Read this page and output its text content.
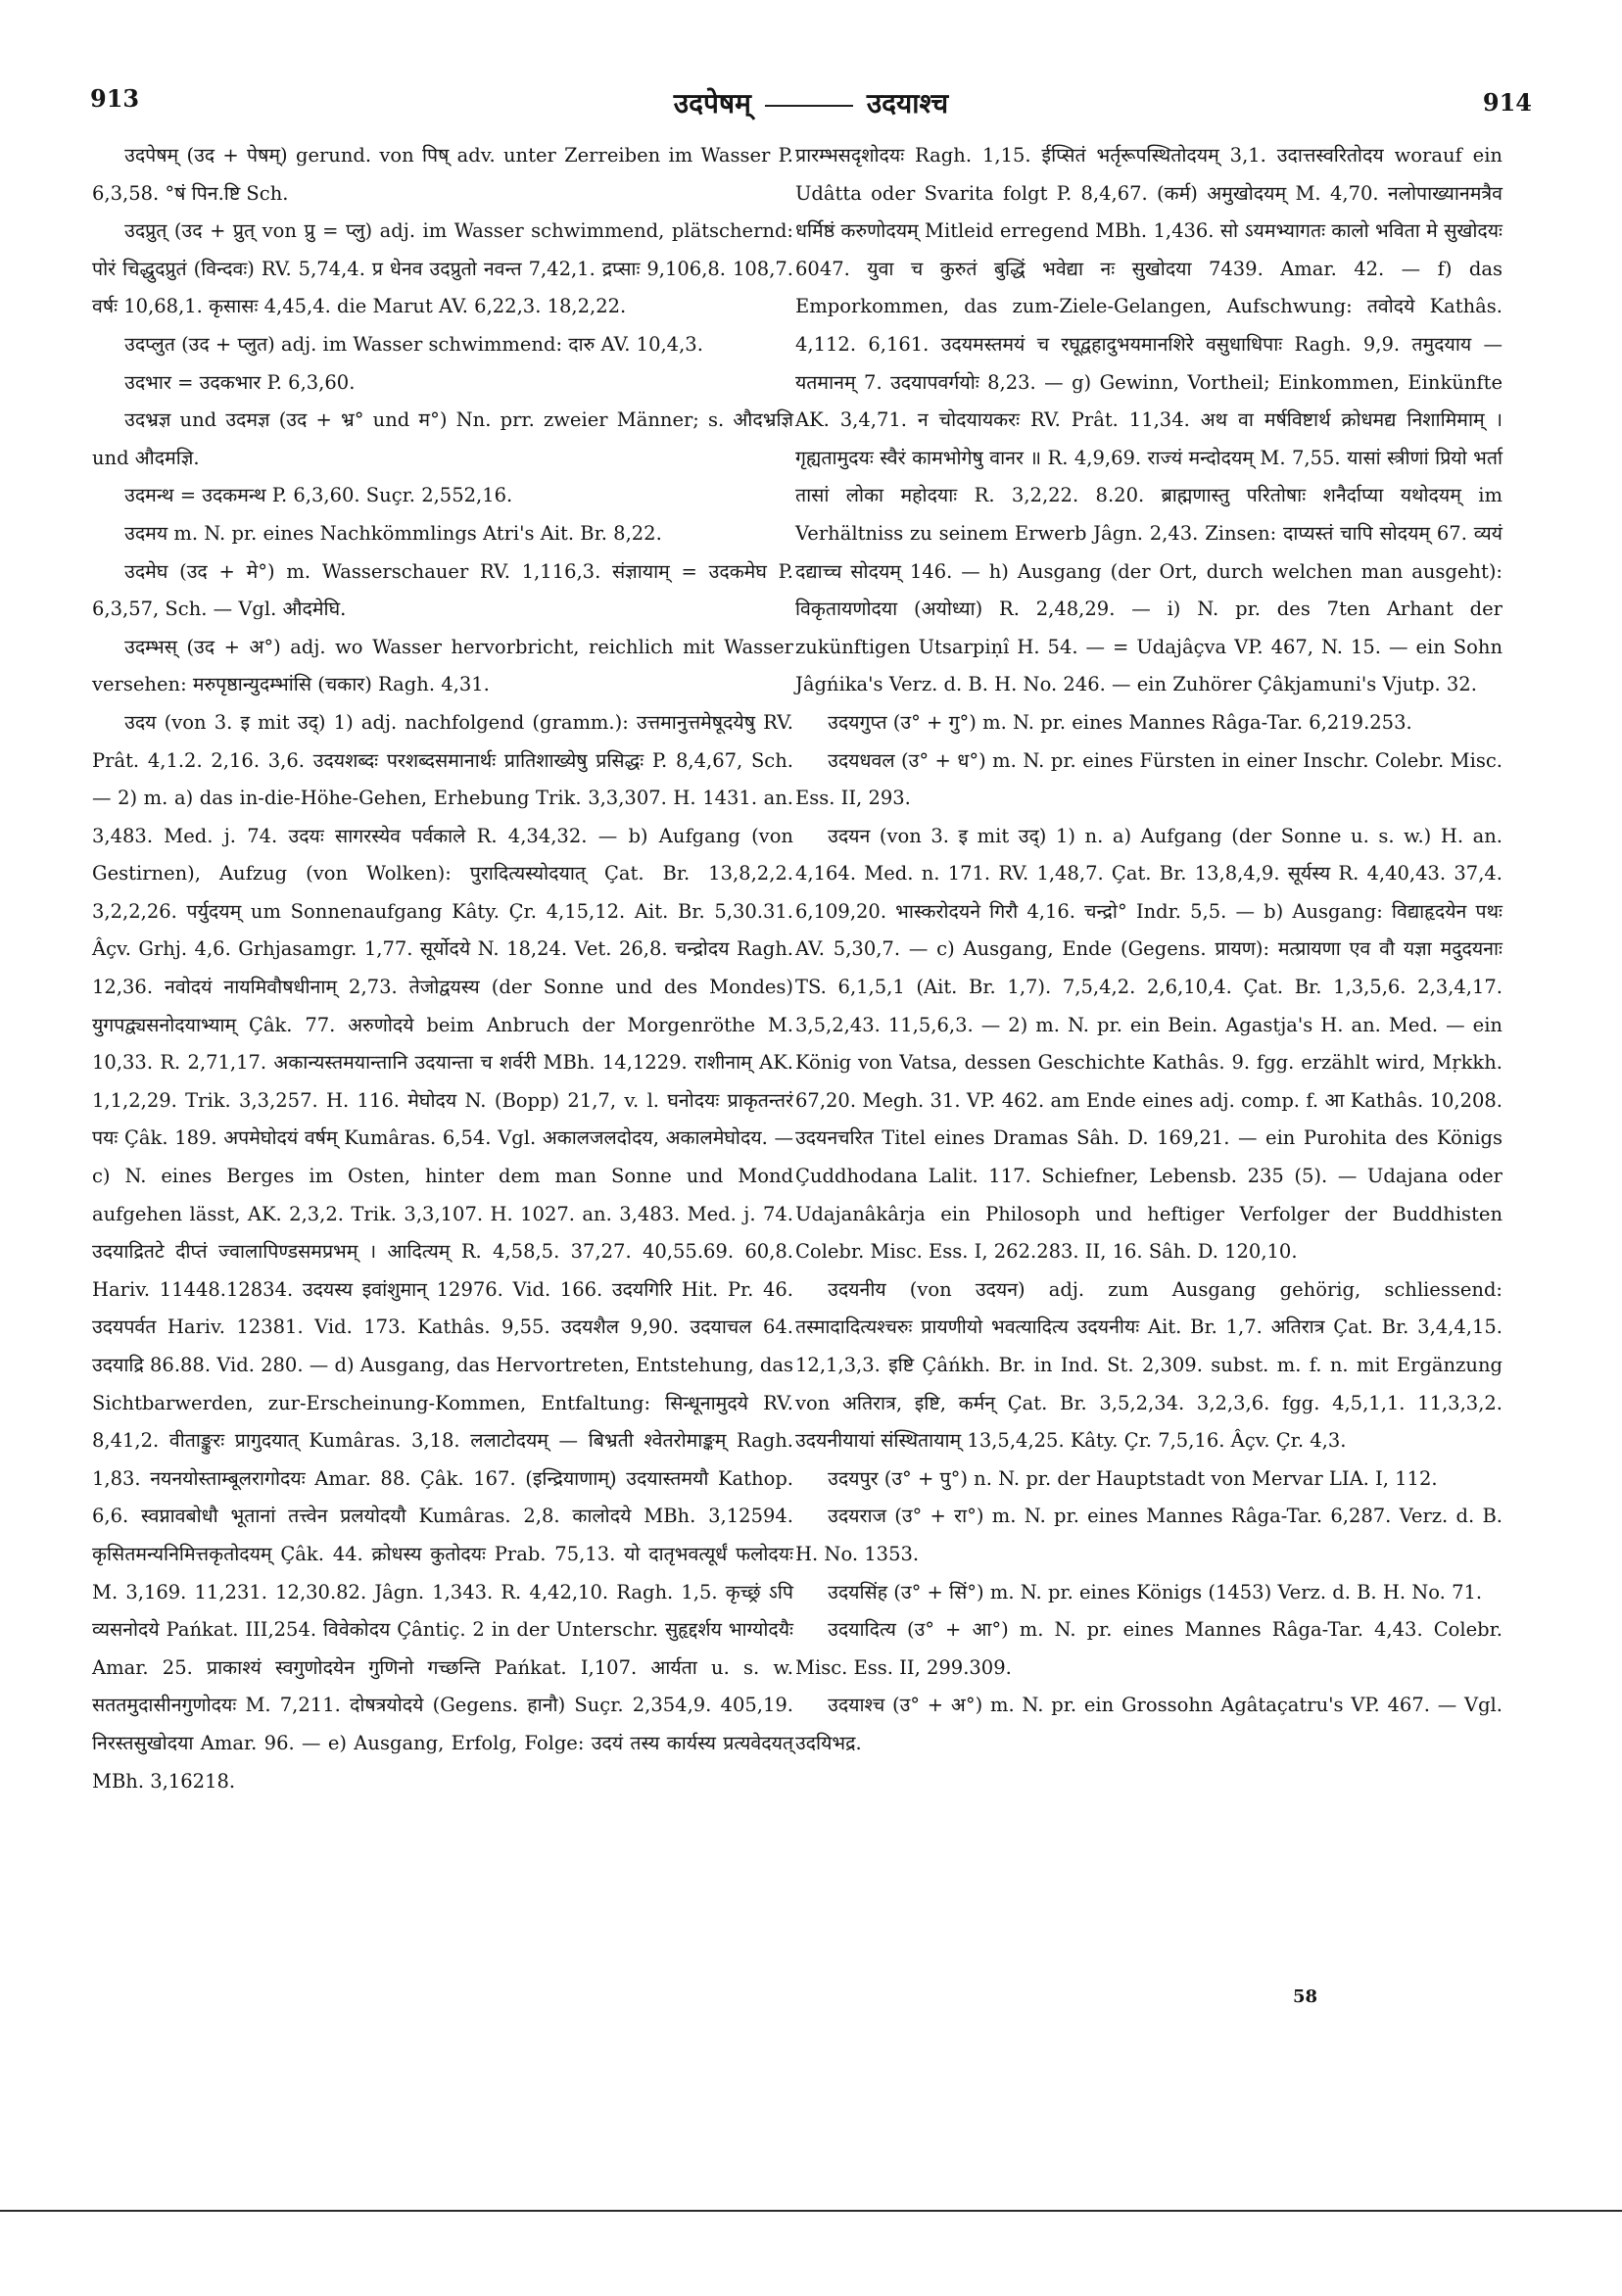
913	उदपेषम्	उदयाश्च	914

उदपेषम् (उद + पेषम्) gerund. von पिष् adv. unter Zerreiben im Wasser P. 6,3,58. °षं पिन.ष्टि Sch.

उदप्रुत् (उद + प्रुत् von प्रु = प्लु) adj. im Wasser schwimmend, plätschernd: पोरं चिद्धुदप्रुतं (विन्दवः) RV. 5,74,4. प्र धेनव उदप्रुतो नवन्त 7,42,1. द्रप्साः 9,106,8. 108,7. वर्षः 10,68,1. कृसासः 4,45,4. die Marut AV. 6,22,3. 18,2,22.

उदप्लुत (उद + प्लुत) adj. im Wasser schwimmend: दारु AV. 10,4,3.

उदभार = उदकभार P. 6,3,60.

उदभ्रज्ञ und उदमज्ञ (उद + भ्र° und म°) Nn. prr. zweier Männer; s. औदभ्रज्ञि und औदमज्ञि.

उदमन्थ = उदकमन्थ P. 6,3,60. Suçr. 2,552,16.

उदमय m. N. pr. eines Nachkömmlings Atri's Ait. Br. 8,22.

उदमेघ (उद + मे°) m. Wasserschauer RV. 1,116,3. संज्ञायाम् = उदकमेघ P. 6,3,57, Sch. — Vgl. औदमेघि.

उदम्भस् (उद + अ°) adj. wo Wasser hervorbricht, reichlich mit Wasser versehen: मरुपृष्ठान्युदम्भांसि (चकार) Ragh. 4,31.

उदय (von 3. इ mit उद्) 1) adj. nachfolgend (gramm.): उत्तमानुत्तमेषूदयेषु RV. Prât. 4,1.2. 2,16. 3,6. उदयशब्दः परशब्दसमानार्थः प्रातिशाख्येषु प्रसिद्धः P. 8,4,67, Sch. — 2) m. a) das in-die-Höhe-Gehen, Erhebung Trik. 3,3,307. H. 1431. an. 3,483. Med. j. 74. उदयः सागरस्येव पर्वकाले R. 4,34,32. — b) Aufgang (von Gestirnen), Aufzug (von Wolken): पुरादित्यस्योदयात् Çat. Br. 13,8,2,2. 3,2,2,26. पर्युदयम् um Sonnenaufgang Kâty. Çr. 4,15,12. Ait. Br. 5,30.31. Âçv. Grhj. 4,6. Grhjasamgr. 1,77. सूर्योदये N. 18,24. Vet. 26,8. चन्द्रोदय Ragh. 12,36. नवोदयं नायमिवौषधीनाम् 2,73. तेजोद्वयस्य (der Sonne und des Mondes) युगपद्व्यसनोदयाभ्याम् Çâk. 77. अरुणोदये beim Anbruch der Morgenröthe M. 10,33. R. 2,71,17. अकान्यस्तमयान्तानि उदयान्ता च शर्वरी MBh. 14,1229. राशीनाम् AK. 1,1,2,29. Trik. 3,3,257. H. 116. मेघोदय N. (Bopp) 21,7, v. l. घनोदयः प्राकृतन्तरं पयः Çâk. 189. अपमेघोदयं वर्षम् Kumâras. 6,54. Vgl. अकालजलदोदय, अकालमेघोदय. — c) N. eines Berges im Osten, hinter dem man Sonne und Mond aufgehen lässt, AK. 2,3,2. Trik. 3,3,107. H. 1027. an. 3,483. Med. j. 74. उदयाद्रितटे दीप्तं ज्वालापिण्डसमप्रभम् । आदित्यम् R. 4,58,5. 37,27. 40,55.69. 60,8. Hariv. 11448.12834. उदयस्य इवांशुमान् 12976. Vid. 166. उदयगिरि Hit. Pr. 46. उदयपर्वत Hariv. 12381. Vid. 173. Kathâs. 9,55. उदयशैल 9,90. उदयाचल 64. उदयाद्रि 86.88. Vid. 280. — d) Ausgang, das Hervortreten, Entstehung, das Sichtbarwerden, zur-Erscheinung-Kommen, Entfaltung: सिन्धूनामुदये RV. 8,41,2. वीताङ्कुरः प्रागुदयात् Kumâras. 3,18. ललाटोदयम् — बिभ्रती श्वेतरोमाङ्कम् Ragh. 1,83. नयनयोस्ताम्बूलरागोदयः Amar. 88. Çâk. 167. (इन्द्रियाणाम्) उदयास्तमयौ Kathop. 6,6. स्वप्नावबोधौ भूतानां तत्त्वेन प्रलयोदयौ Kumâras. 2,8. कालोदये MBh. 3,12594. कृसितमन्यनिमित्तकृतोदयम् Çâk. 44. क्रोधस्य कुतोदयः Prab. 75,13. यो दातृभवत्यूर्धं फलोदयः M. 3,169. 11,231. 12,30.82. Jâgn. 1,343. R. 4,42,10. Ragh. 1,5. कृच्छ्रं ऽपि व्यसनोदये Pańkat. III,254. विवेकोदय Çântiç. 2 in der Unterschr. सुहृद्दर्शय भाग्योदयैः Amar. 25. प्राकाश्यं स्वगुणोदयेन गुणिनो गच्छन्ति Pańkat. I,107. आर्यता u. s. w. सततमुदासीनगुणोदयः M. 7,211. दोषत्रयोदये (Gegens. हानौ) Suçr. 2,354,9. 405,19. निरस्तसुखोदया Amar. 96. — e) Ausgang, Erfolg, Folge: उदयं तस्य कार्यस्य प्रत्यवेदयत् MBh. 3,16218.

प्रारम्भसदृशोदयः Ragh. 1,15. ईप्सितं भर्तृरूपस्थितोदयम् 3,1. उदात्तस्वरितोदय worauf ein Udâtta oder Svarita folgt P. 8,4,67. (कर्म) अमुखोदयम् M. 4,70. नलोपाख्यानमत्रैव धर्मिष्ठं करुणोदयम् Mitleid erregend MBh. 1,436. सो ऽयमभ्यागतः कालो भविता मे सुखोदयः 6047. युवा च कुरुतं बुद्धिं भवेद्या नः सुखोदया 7439. Amar. 42. — f) das Emporkommen, das zum-Ziele-Gelangen, Aufschwung: तवोदये Kathâs. 4,112. 6,161. उदयमस्तमयं च रघूद्वहादुभयमानशिरे वसुधाधिपाः Ragh. 9,9. तमुदयाय — यतमानम् 7. उदयापवर्गयोः 8,23. — g) Gewinn, Vortheil; Einkommen, Einkünfte AK. 3,4,71. न चोदयायकरः RV. Prât. 11,34. अथ वा मर्षविष्टार्थ क्रोधमद्य निशामिमाम् । गृह्यतामुदयः स्वैरं कामभोगेषु वानर ॥ R. 4,9,69. राज्यं मन्दोदयम् M. 7,55. यासां स्त्रीणां प्रियो भर्ता तासां लोका महोदयाः R. 3,2,22. 8.20. ब्राह्मणास्तु परितोषाः शनैर्दाप्या यथोदयम् im Verhältniss zu seinem Erwerb Jâgn. 2,43. Zinsen: दाप्यस्तं चापि सोदयम् 67. व्ययं दद्याच्च सोदयम् 146. — h) Ausgang (der Ort, durch welchen man ausgeht): विकृतायणोदया (अयोध्या) R. 2,48,29. — i) N. pr. des 7ten Arhant der zukünftigen Utsarpiṇî H. 54. — = Udajâçva VP. 467, N. 15. — ein Sohn Jâgńika's Verz. d. B. H. No. 246. — ein Zuhörer Çâkjamuni's Vjutp. 32.

उदयगुप्त (उ° + गु°) m. N. pr. eines Mannes Râga-Tar. 6,219.253.

उदयधवल (उ° + ध°) m. N. pr. eines Fürsten in einer Inschr. Colebr. Misc. Ess. II, 293.

उदयन (von 3. इ mit उद्) 1) n. a) Aufgang (der Sonne u. s. w.) H. an. 4,164. Med. n. 171. RV. 1,48,7. Çat. Br. 13,8,4,9. सूर्यस्य R. 4,40,43. 37,4. 6,109,20. भास्करोदयने गिरौ 4,16. चन्द्रो° Indr. 5,5. — b) Ausgang: विद्याहृदयेन पथः AV. 5,30,7. — c) Ausgang, Ende (Gegens. प्रायण): मत्प्रायणा एव वौ यज्ञा मदुदयनाः TS. 6,1,5,1 (Ait. Br. 1,7). 7,5,4,2. 2,6,10,4. Çat. Br. 1,3,5,6. 2,3,4,17. 3,5,2,43. 11,5,6,3. — 2) m. N. pr. ein Bein. Agastja's H. an. Med. — ein König von Vatsa, dessen Geschichte Kathâs. 9. fgg. erzählt wird, Mṛkkh. 67,20. Megh. 31. VP. 462. am Ende eines adj. comp. f. आ Kathâs. 10,208. उदयनचरित Titel eines Dramas Sâh. D. 169,21. — ein Purohita des Königs Çuddhodana Lalit. 117. Schiefner, Lebensb. 235 (5). — Udajana oder Udajanâkârja ein Philosoph und heftiger Verfolger der Buddhisten Colebr. Misc. Ess. I, 262.283. II, 16. Sâh. D. 120,10.

उदयनीय (von उदयन) adj. zum Ausgang gehörig, schliessend: तस्मादादित्यश्चरुः प्रायणीयो भवत्यादित्य उदयनीयः Ait. Br. 1,7. अतिरात्र Çat. Br. 3,4,4,15. 12,1,3,3. इष्टि Çâńkh. Br. in Ind. St. 2,309. subst. m. f. n. mit Ergänzung von अतिरात्र, इष्टि, कर्मन् Çat. Br. 3,5,2,34. 3,2,3,6. fgg. 4,5,1,1. 11,3,3,2. उदयनीयायां संस्थितायाम् 13,5,4,25. Kâty. Çr. 7,5,16. Âçv. Çr. 4,3.

उदयपुर (उ° + पु°) n. N. pr. der Hauptstadt von Mervar LIA. I, 112.

उदयराज (उ° + रा°) m. N. pr. eines Mannes Râga-Tar. 6,287. Verz. d. B. H. No. 1353.

उदयसिंह (उ° + सिं°) m. N. pr. eines Königs (1453) Verz. d. B. H. No. 71.

उदयादित्य (उ° + आ°) m. N. pr. eines Mannes Râga-Tar. 4,43. Colebr. Misc. Ess. II, 299.309.

उदयाश्च (उ° + अ°) m. N. pr. ein Grossohn Agâtaçatru's VP. 467. — Vgl. उदयिभद्र.

58
